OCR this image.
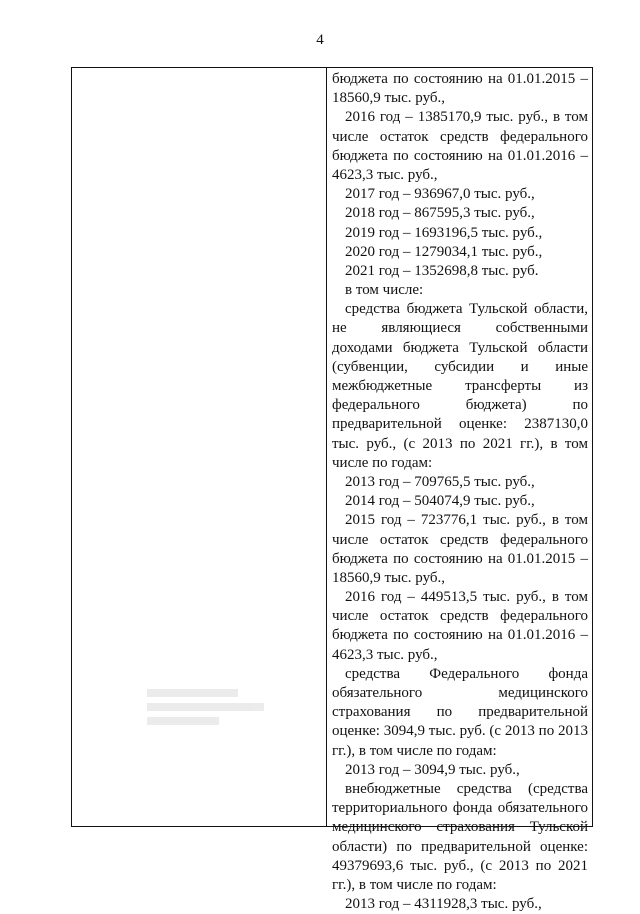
4
бюджета по состоянию на 01.01.2015 –
18560,9 тыс. руб.,
2016 год – 1385170,9 тыс. руб., в том
числе остаток средств федерального
бюджета по состоянию на 01.01.2016 –
4623,3 тыс. руб.,
2017 год – 936967,0 тыс. руб.,
2018 год – 867595,3 тыс. руб.,
2019 год – 1693196,5 тыс. руб.,
2020 год – 1279034,1 тыс. руб.,
2021 год – 1352698,8 тыс. руб.
в том числе:
средства бюджета Тульской области,
не являющиеся собственными
доходами бюджета Тульской области
(субвенции, субсидии и иные
межбюджетные трансферты из
федерального бюджета) по
предварительной оценке: 2387130,0
тыс. руб., (с 2013 по 2021 гг.), в том
числе по годам:
2013 год – 709765,5 тыс. руб.,
2014 год – 504074,9 тыс. руб.,
2015 год – 723776,1 тыс. руб., в том
числе остаток средств федерального
бюджета по состоянию на 01.01.2015 –
18560,9 тыс. руб.,
2016 год – 449513,5 тыс. руб., в том
числе остаток средств федерального
бюджета по состоянию на 01.01.2016 –
4623,3 тыс. руб.,
средства Федерального фонда
обязательного медицинского
страхования по предварительной
оценке: 3094,9 тыс. руб. (с 2013 по 2013
гг.), в том числе по годам:
2013 год – 3094,9 тыс. руб.,
внебюджетные средства (средства
территориального фонда обязательного
медицинского страхования Тульской
области) по предварительной оценке:
49379693,6 тыс. руб., (с 2013 по 2021
гг.), в том числе по годам:
2013 год – 4311928,3 тыс. руб.,
